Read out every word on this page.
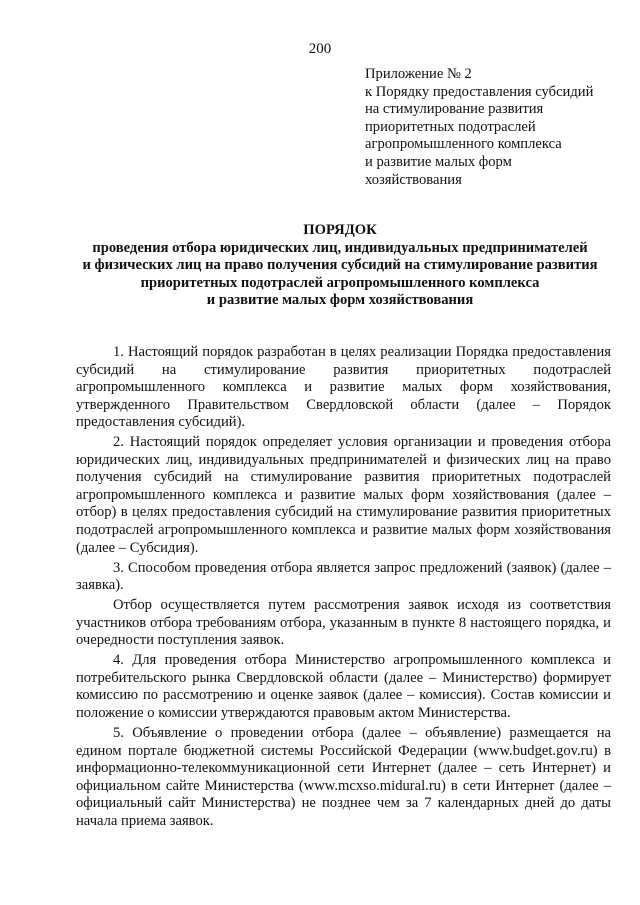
200
Приложение № 2
к Порядку предоставления субсидий
на стимулирование развития
приоритетных подотраслей
агропромышленного комплекса
и развитие малых форм
хозяйствования
ПОРЯДОК
проведения отбора юридических лиц, индивидуальных предпринимателей
и физических лиц на право получения субсидий на стимулирование развития
приоритетных подотраслей агропромышленного комплекса
и развитие малых форм хозяйствования

1. Настоящий порядок разработан в целях реализации Порядка предоставления субсидий на стимулирование развития приоритетных подотраслей агропромышленного комплекса и развитие малых форм хозяйствования, утвержденного Правительством Свердловской области (далее – Порядок предоставления субсидий).

2. Настоящий порядок определяет условия организации и проведения отбора юридических лиц, индивидуальных предпринимателей и физических лиц на право получения субсидий на стимулирование развития приоритетных подотраслей агропромышленного комплекса и развитие малых форм хозяйствования (далее – отбор) в целях предоставления субсидий на стимулирование развития приоритетных подотраслей агропромышленного комплекса и развитие малых форм хозяйствования (далее – Субсидия).

3. Способом проведения отбора является запрос предложений (заявок) (далее – заявка).

Отбор осуществляется путем рассмотрения заявок исходя из соответствия участников отбора требованиям отбора, указанным в пункте 8 настоящего порядка, и очередности поступления заявок.

4. Для проведения отбора Министерство агропромышленного комплекса и потребительского рынка Свердловской области (далее – Министерство) формирует комиссию по рассмотрению и оценке заявок (далее – комиссия). Состав комиссии и положение о комиссии утверждаются правовым актом Министерства.

5. Объявление о проведении отбора (далее – объявление) размещается на едином портале бюджетной системы Российской Федерации (www.budget.gov.ru) в информационно-телекоммуникационной сети Интернет (далее – сеть Интернет) и официальном сайте Министерства (www.mcxso.midural.ru) в сети Интернет (далее – официальный сайт Министерства) не позднее чем за 7 календарных дней до даты начала приема заявок.
